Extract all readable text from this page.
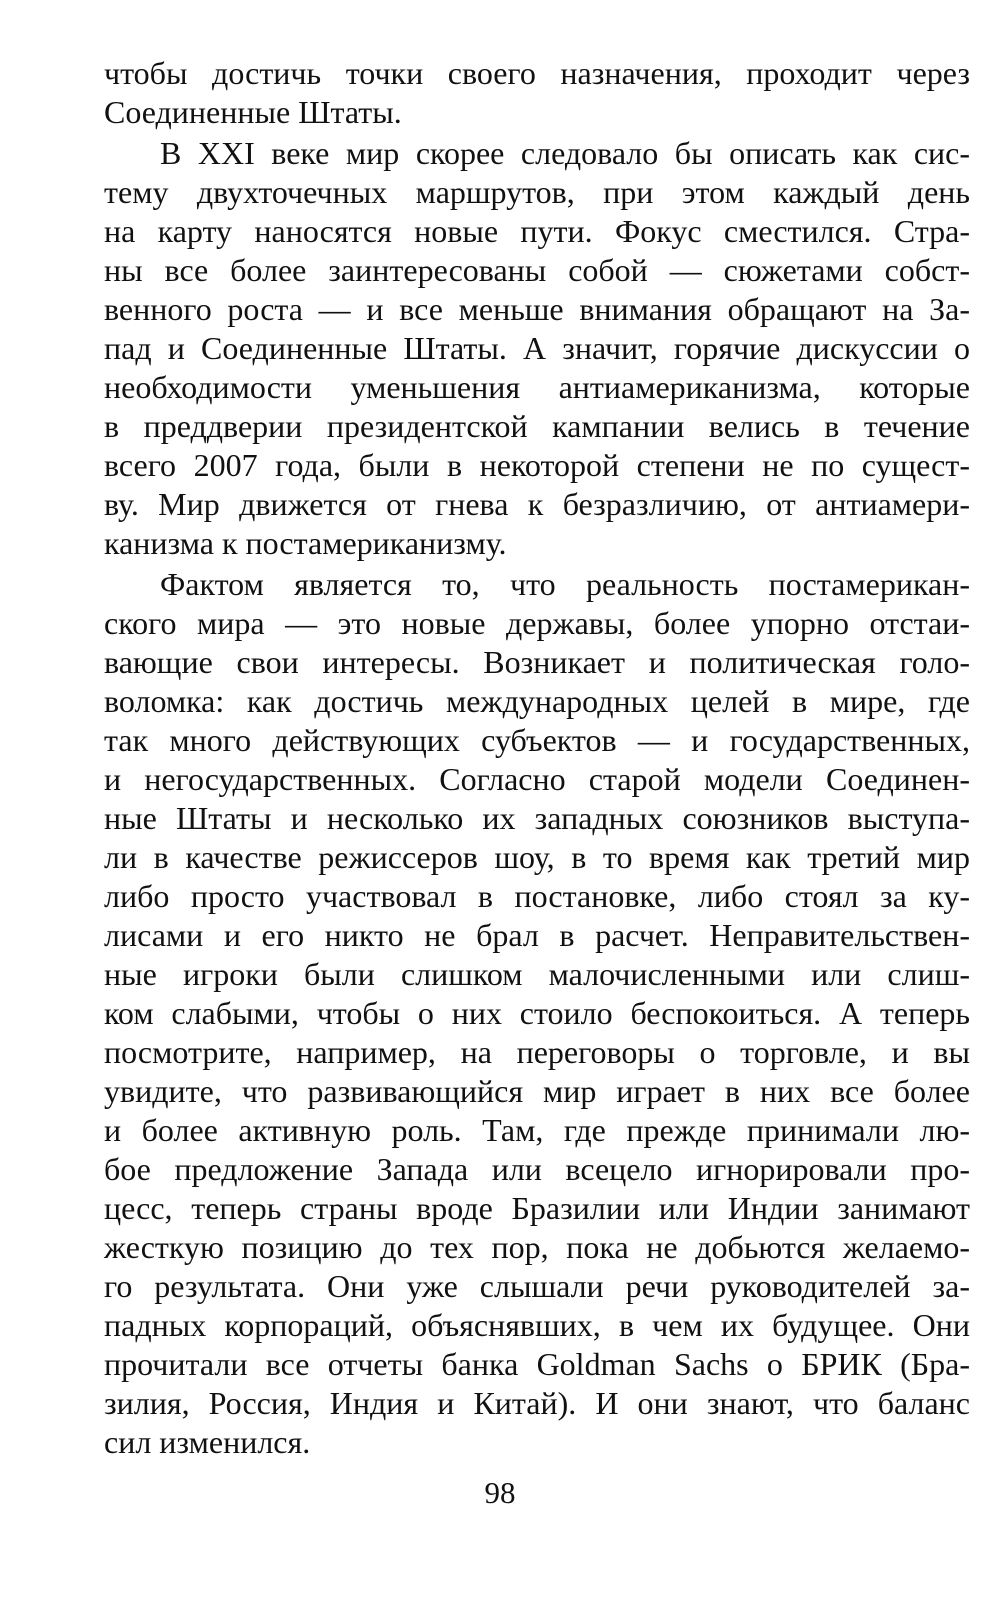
чтобы достичь точки своего назначения, проходит через
Соединенные Штаты.
В XXI веке мир скорее следовало бы описать как сис-
тему двухточечных маршрутов, при этом каждый день
на карту наносятся новые пути. Фокус сместился. Стра-
ны все более заинтересованы собой — сюжетами собст-
венного роста — и все меньше внимания обращают на За-
пад и Соединенные Штаты. А значит, горячие дискуссии о
необходимости уменьшения антиамериканизма, которые
в преддверии президентской кампании велись в течение
всего 2007 года, были в некоторой степени не по сущест-
ву. Мир движется от гнева к безразличию, от антиамери-
канизма к постамериканизму.
Фактом является то, что реальность постамерикан-
ского мира — это новые державы, более упорно отстаи-
вающие свои интересы. Возникает и политическая голо-
воломка: как достичь международных целей в мире, где
так много действующих субъектов — и государственных,
и негосударственных. Согласно старой модели Соединен-
ные Штаты и несколько их западных союзников выступа-
ли в качестве режиссеров шоу, в то время как третий мир
либо просто участвовал в постановке, либо стоял за ку-
лисами и его никто не брал в расчет. Неправительствен-
ные игроки были слишком малочисленными или слиш-
ком слабыми, чтобы о них стоило беспокоиться. А теперь
посмотрите, например, на переговоры о торговле, и вы
увидите, что развивающийся мир играет в них все более
и более активную роль. Там, где прежде принимали лю-
бое предложение Запада или всецело игнорировали про-
цесс, теперь страны вроде Бразилии или Индии занимают
жесткую позицию до тех пор, пока не добьются желаемо-
го результата. Они уже слышали речи руководителей за-
падных корпораций, объяснявших, в чем их будущее. Они
прочитали все отчеты банка Goldman Sachs о БРИК (Бра-
зилия, Россия, Индия и Китай). И они знают, что баланс
сил изменился.
98
